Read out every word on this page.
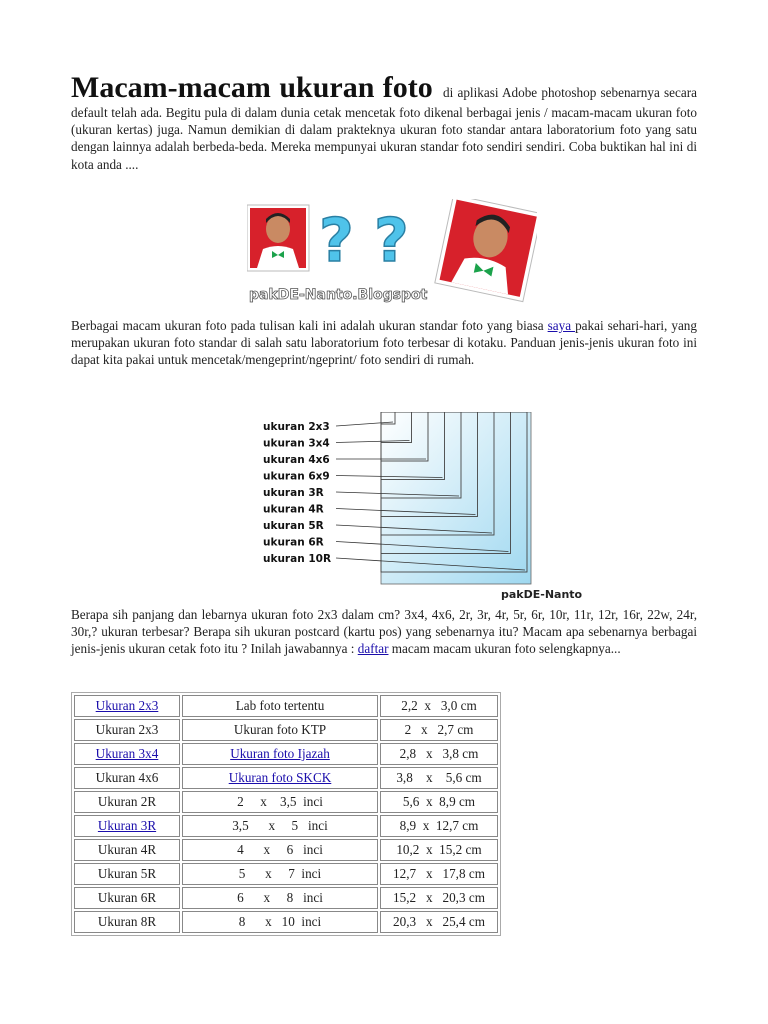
Macam-macam ukuran foto di aplikasi Adobe photoshop sebenarnya secara default telah ada. Begitu pula di dalam dunia cetak mencetak foto dikenal berbagai jenis / macam-macam ukuran foto (ukuran kertas) juga. Namun demikian di dalam prakteknya ukuran foto standar antara laboratorium foto yang satu dengan lainnya adalah berbeda-beda. Mereka mempunyai ukuran standar foto sendiri sendiri. Coba buktikan hal ini di kota anda ....

? ?
pakDE-Nanto.Blogspot

Berbagai macam ukuran foto pada tulisan kali ini adalah ukuran standar foto yang biasa saya pakai sehari-hari, yang merupakan ukuran foto standar di salah satu laboratorium foto terbesar di kotaku. Panduan jenis-jenis ukuran foto ini dapat kita pakai untuk mencetak/mengeprint/ngeprint/ foto sendiri di rumah.

ukuran 2x3
ukuran 3x4
ukuran 4x6
ukuran 6x9
ukuran 3R
ukuran 4R
ukuran 5R
ukuran 6R
ukuran 10R
pakDE-Nanto

Berapa sih panjang dan lebarnya ukuran foto 2x3 dalam cm? 3x4, 4x6, 2r, 3r, 4r, 5r, 6r, 10r, 11r, 12r, 16r, 22w, 24r, 30r,? ukuran terbesar? Berapa sih ukuran postcard (kartu pos) yang sebenarnya itu? Macam apa sebenarnya berbagai jenis-jenis ukuran cetak foto itu ? Inilah jawabannya : daftar macam macam ukuran foto selengkapnya...

Ukuran 2x3	Lab foto tertentu	2,2  x   3,0 cm
Ukuran 2x3	Ukuran foto KTP	2   x   2,7 cm
Ukuran 3x4	Ukuran foto Ijazah	2,8   x   3,8 cm
Ukuran 4x6	Ukuran foto SKCK	3,8    x    5,6 cm
Ukuran 2R	2     x    3,5  inci	5,6  x  8,9 cm
Ukuran 3R	3,5      x     5   inci	8,9  x  12,7 cm
Ukuran 4R	4      x     6   inci	10,2  x  15,2 cm
Ukuran 5R	5      x     7  inci	12,7   x   17,8 cm
Ukuran 6R	6      x     8   inci	15,2   x   20,3 cm
Ukuran 8R	8      x   10  inci	20,3   x   25,4 cm
